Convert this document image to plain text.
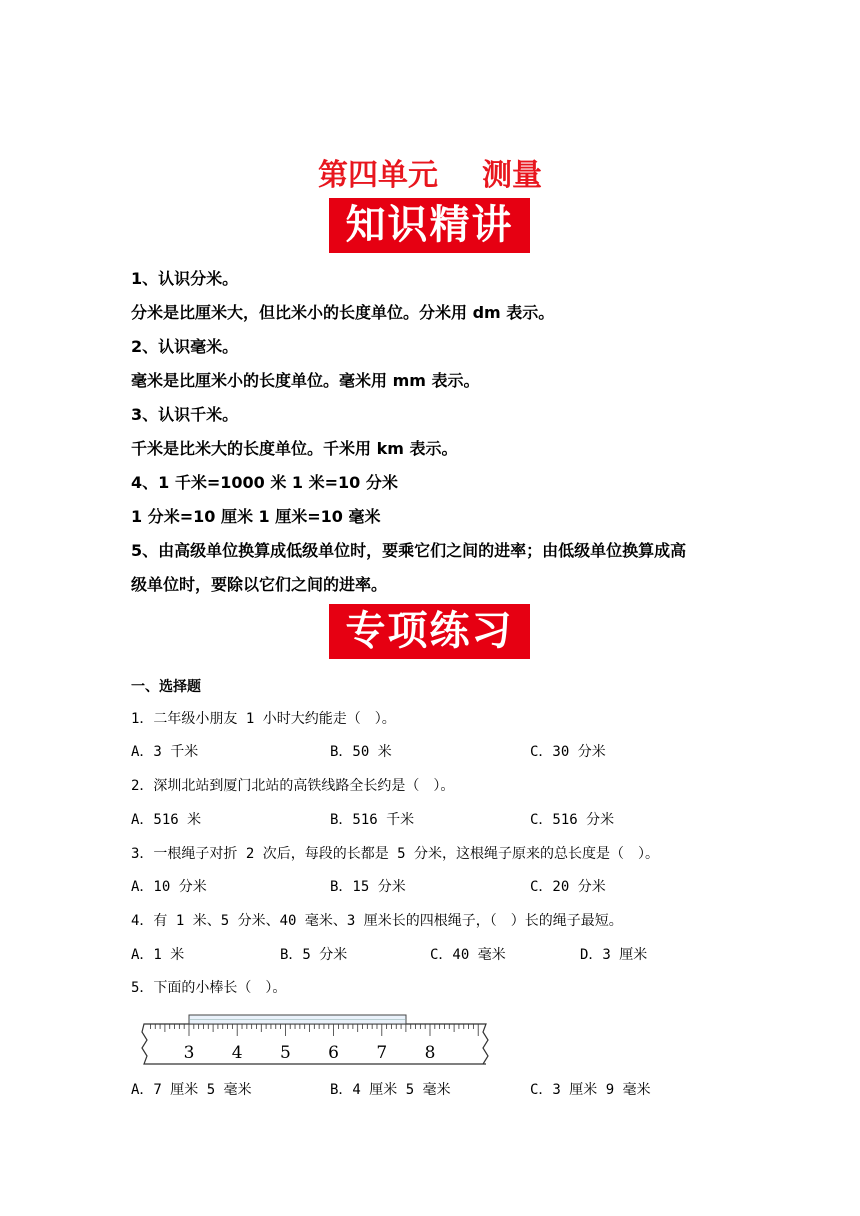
第四单元 测量
知识精讲
1、认识分米。
分米是比厘米大，但比米小的长度单位。分米用 dm 表示。
2、认识毫米。
毫米是比厘米小的长度单位。毫米用 mm 表示。
3、认识千米。
千米是比米大的长度单位。千米用 km 表示。
4、1 千米=1000 米 1 米=10 分米
1 分米=10 厘米 1 厘米=10 毫米
5、由高级单位换算成低级单位时，要乘它们之间的进率；由低级单位换算成高
级单位时，要除以它们之间的进率。
专项练习
一、选择题
1．二年级小朋友 1 小时大约能走（　）。
A．3 千米	B．50 米	C．30 分米
2．深圳北站到厦门北站的高铁线路全长约是（　）。
A．516 米	B．516 千米	C．516 分米
3．一根绳子对折 2 次后，每段的长都是 5 分米，这根绳子原来的总长度是（　）。
A．10 分米	B．15 分米	C．20 分米
4．有 1 米、5 分米、40 毫米、3 厘米长的四根绳子，（　）长的绳子最短。
A．1 米	B．5 分米	C．40 毫米	D．3 厘米
5．下面的小棒长（　）。
3 4 5 6 7 8
A．7 厘米 5 毫米	B．4 厘米 5 毫米	C．3 厘米 9 毫米
